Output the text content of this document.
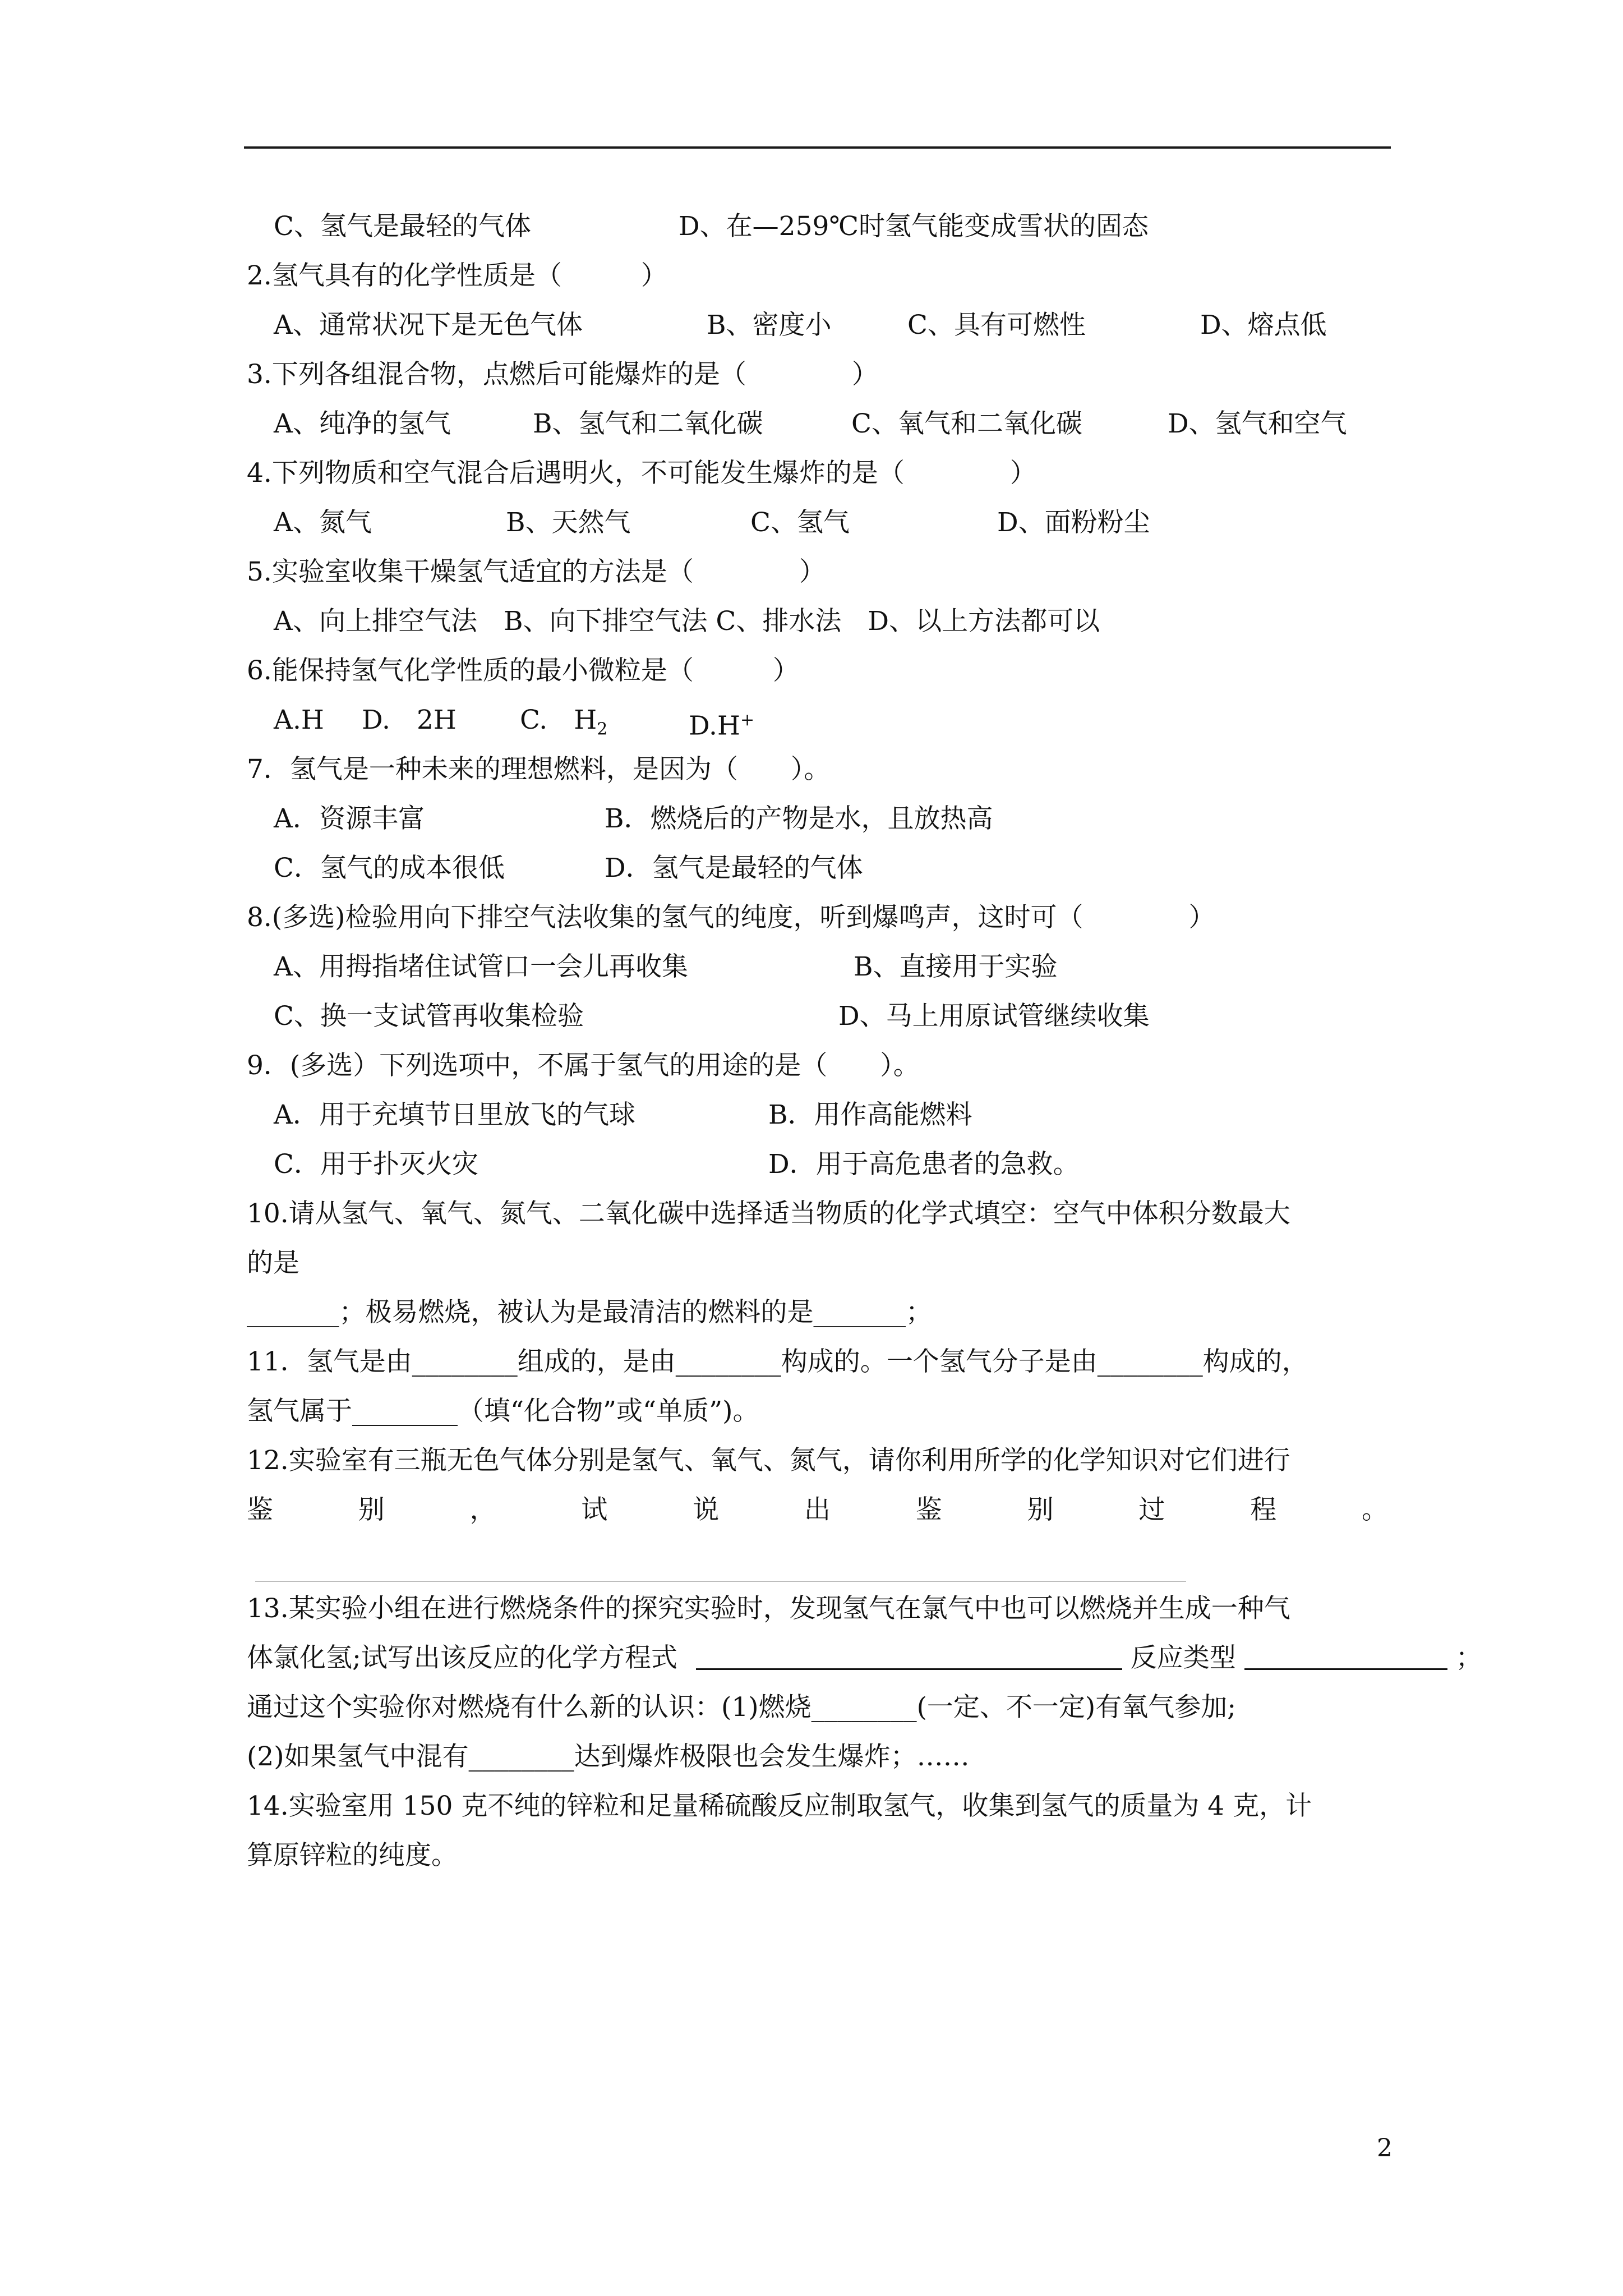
C、氢气是最轻的气体	D、在—259℃时氢气能变成雪状的固态
2.氢气具有的化学性质是（　　　）
A、通常状况下是无色气体	B、密度小	C、具有可燃性	D、熔点低
3.下列各组混合物，点燃后可能爆炸的是（　　　　）
A、纯净的氢气	B、氢气和二氧化碳	C、氧气和二氧化碳	D、氢气和空气
4.下列物质和空气混合后遇明火，不可能发生爆炸的是（　　　　）
A、氮气	B、天然气	C、氢气	D、面粉粉尘
5.实验室收集干燥氢气适宜的方法是（　　　　）
A、向上排空气法　B、向下排空气法 C、排水法　D、以上方法都可以
6.能保持氢气化学性质的最小微粒是（　　　）
A.H D.　2H C.　$H_2$	D.H+
7．氢气是一种未来的理想燃料，是因为（　　）。
A．资源丰富	B．燃烧后的产物是水，且放热高
C．氢气的成本很低	D．氢气是最轻的气体
8.(多选)检验用向下排空气法收集的氢气的纯度，听到爆鸣声，这时可（　　　　）
A、用拇指堵住试管口一会儿再收集	B、直接用于实验
C、换一支试管再收集检验	D、马上用原试管继续收集
9．(多选）下列选项中，不属于氢气的用途的是（　　）。
A．用于充填节日里放飞的气球	B．用作高能燃料
C．用于扑灭火灾	D．用于高危患者的急救。
10.请从氢气、氧气、氮气、二氧化碳中选择适当物质的化学式填空：空气中体积分数最大
的是
_______；极易燃烧，被认为是最清洁的燃料的是_______；
11．氢气是由________组成的，是由________构成的。一个氢气分子是由________构成的，
氢气属于________（填“化合物”或“单质”)。
12.实验室有三瓶无色气体分别是氢气、氧气、氮气，请你利用所学的化学知识对它们进行
鉴	别	，	试	说	出	鉴	别	过	程	。
13.某实验小组在进行燃烧条件的探究实验时，发现氢气在氯气中也可以燃烧并生成一种气
体氯化氢;试写出该反应的化学方程式	反应类型	；
通过这个实验你对燃烧有什么新的认识：(1)燃烧________(一定、不一定)有氧气参加;
(2)如果氢气中混有________达到爆炸极限也会发生爆炸；……
14.实验室用 150 克不纯的锌粒和足量稀硫酸反应制取氢气，收集到氢气的质量为 4 克，计
算原锌粒的纯度。
2
